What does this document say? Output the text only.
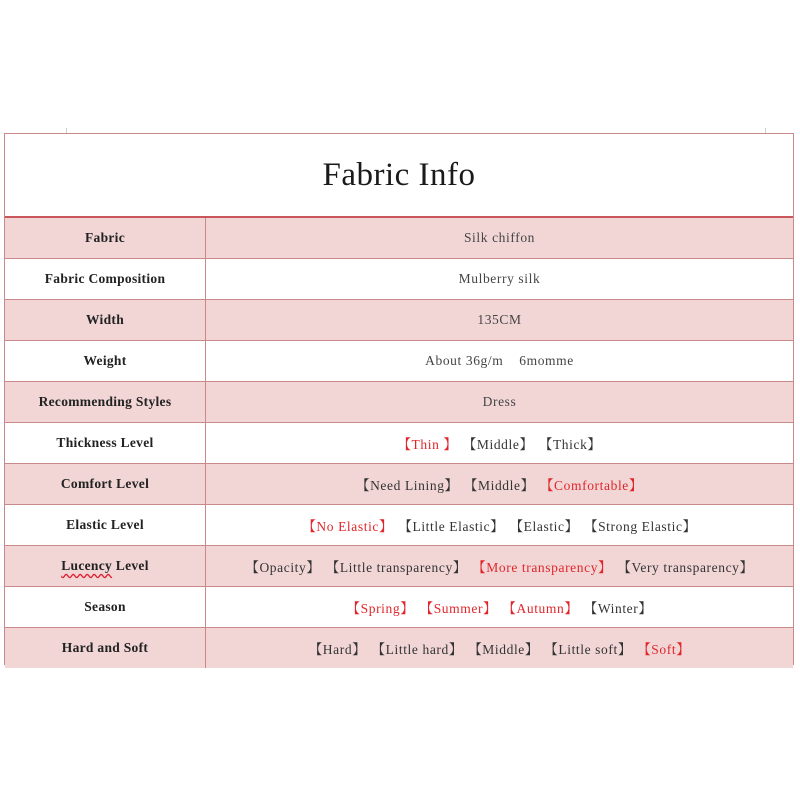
Fabric Info
Fabric	Silk chiffon
Fabric Composition	Mulberry silk
Width	135CM
Weight	About 36g/m    6momme
Recommending Styles	Dress
Thickness Level	【Thin 】 【Middle】 【Thick】
Comfort Level	【Need Lining】 【Middle】 【Comfortable】
Elastic Level	【No Elastic】 【Little Elastic】 【Elastic】 【Strong Elastic】
Lucency Level	【Opacity】 【Little transparency】 【More transparency】 【Very transparency】
Season	【Spring】 【Summer】 【Autumn】 【Winter】
Hard and Soft	【Hard】 【Little hard】 【Middle】 【Little soft】 【Soft】
